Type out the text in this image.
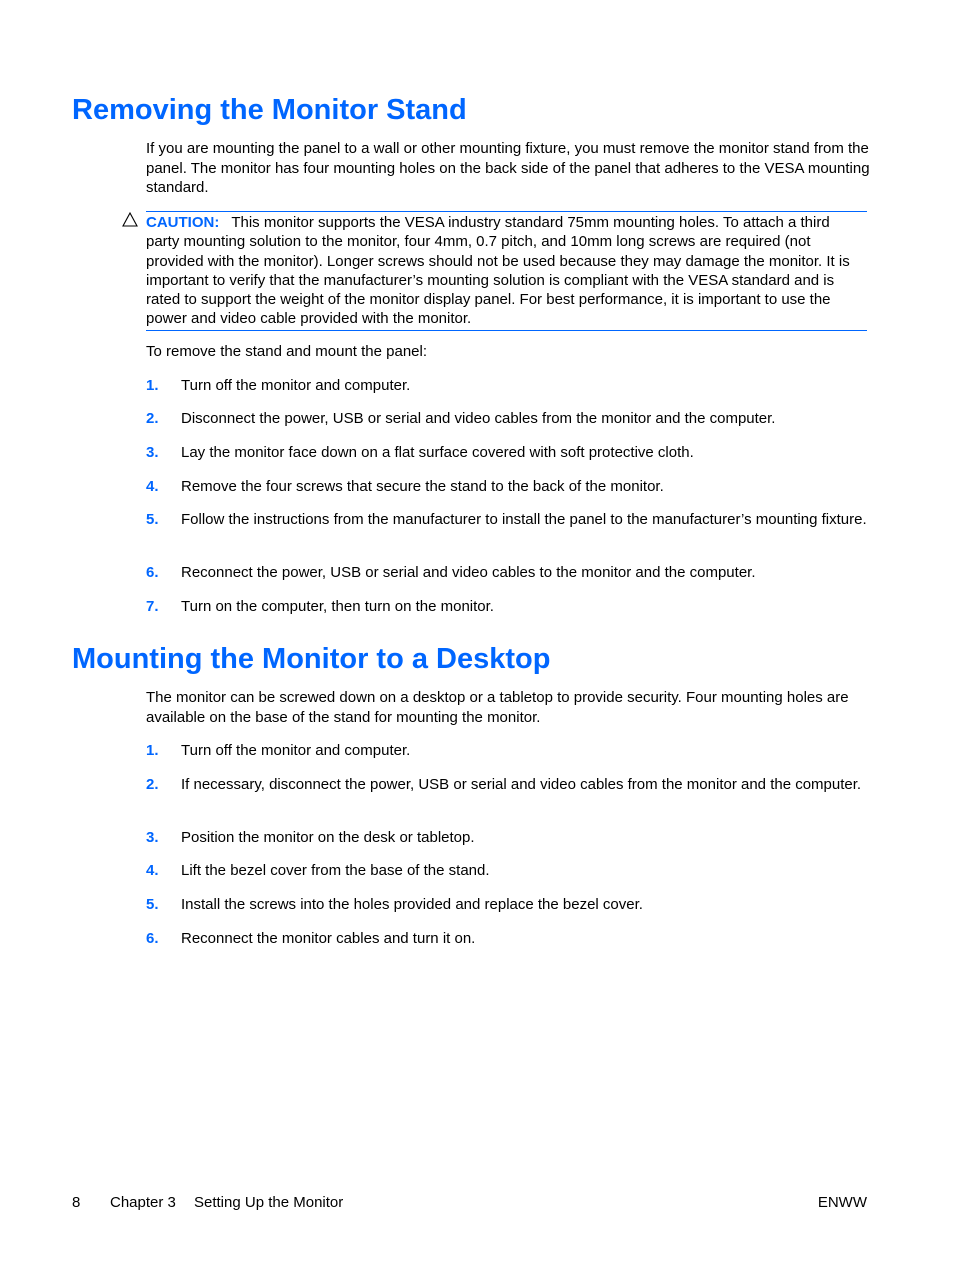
Removing the Monitor Stand

If you are mounting the panel to a wall or other mounting fixture, you must remove the monitor stand from the panel. The monitor has four mounting holes on the back side of the panel that adheres to the VESA mounting standard.

CAUTION: This monitor supports the VESA industry standard 75mm mounting holes. To attach a third party mounting solution to the monitor, four 4mm, 0.7 pitch, and 10mm long screws are required (not provided with the monitor). Longer screws should not be used because they may damage the monitor. It is important to verify that the manufacturer’s mounting solution is compliant with the VESA standard and is rated to support the weight of the monitor display panel. For best performance, it is important to use the power and video cable provided with the monitor.

To remove the stand and mount the panel:

1. Turn off the monitor and computer.
2. Disconnect the power, USB or serial and video cables from the monitor and the computer.
3. Lay the monitor face down on a flat surface covered with soft protective cloth.
4. Remove the four screws that secure the stand to the back of the monitor.
5. Follow the instructions from the manufacturer to install the panel to the manufacturer’s mounting fixture.
6. Reconnect the power, USB or serial and video cables to the monitor and the computer.
7. Turn on the computer, then turn on the monitor.
Mounting the Monitor to a Desktop

The monitor can be screwed down on a desktop or a tabletop to provide security. Four mounting holes are available on the base of the stand for mounting the monitor.

1. Turn off the monitor and computer.
2. If necessary, disconnect the power, USB or serial and video cables from the monitor and the computer.
3. Position the monitor on the desk or tabletop.
4. Lift the bezel cover from the base of the stand.
5. Install the screws into the holes provided and replace the bezel cover.
6. Reconnect the monitor cables and turn it on.
8 Chapter 3 Setting Up the Monitor	ENWW
